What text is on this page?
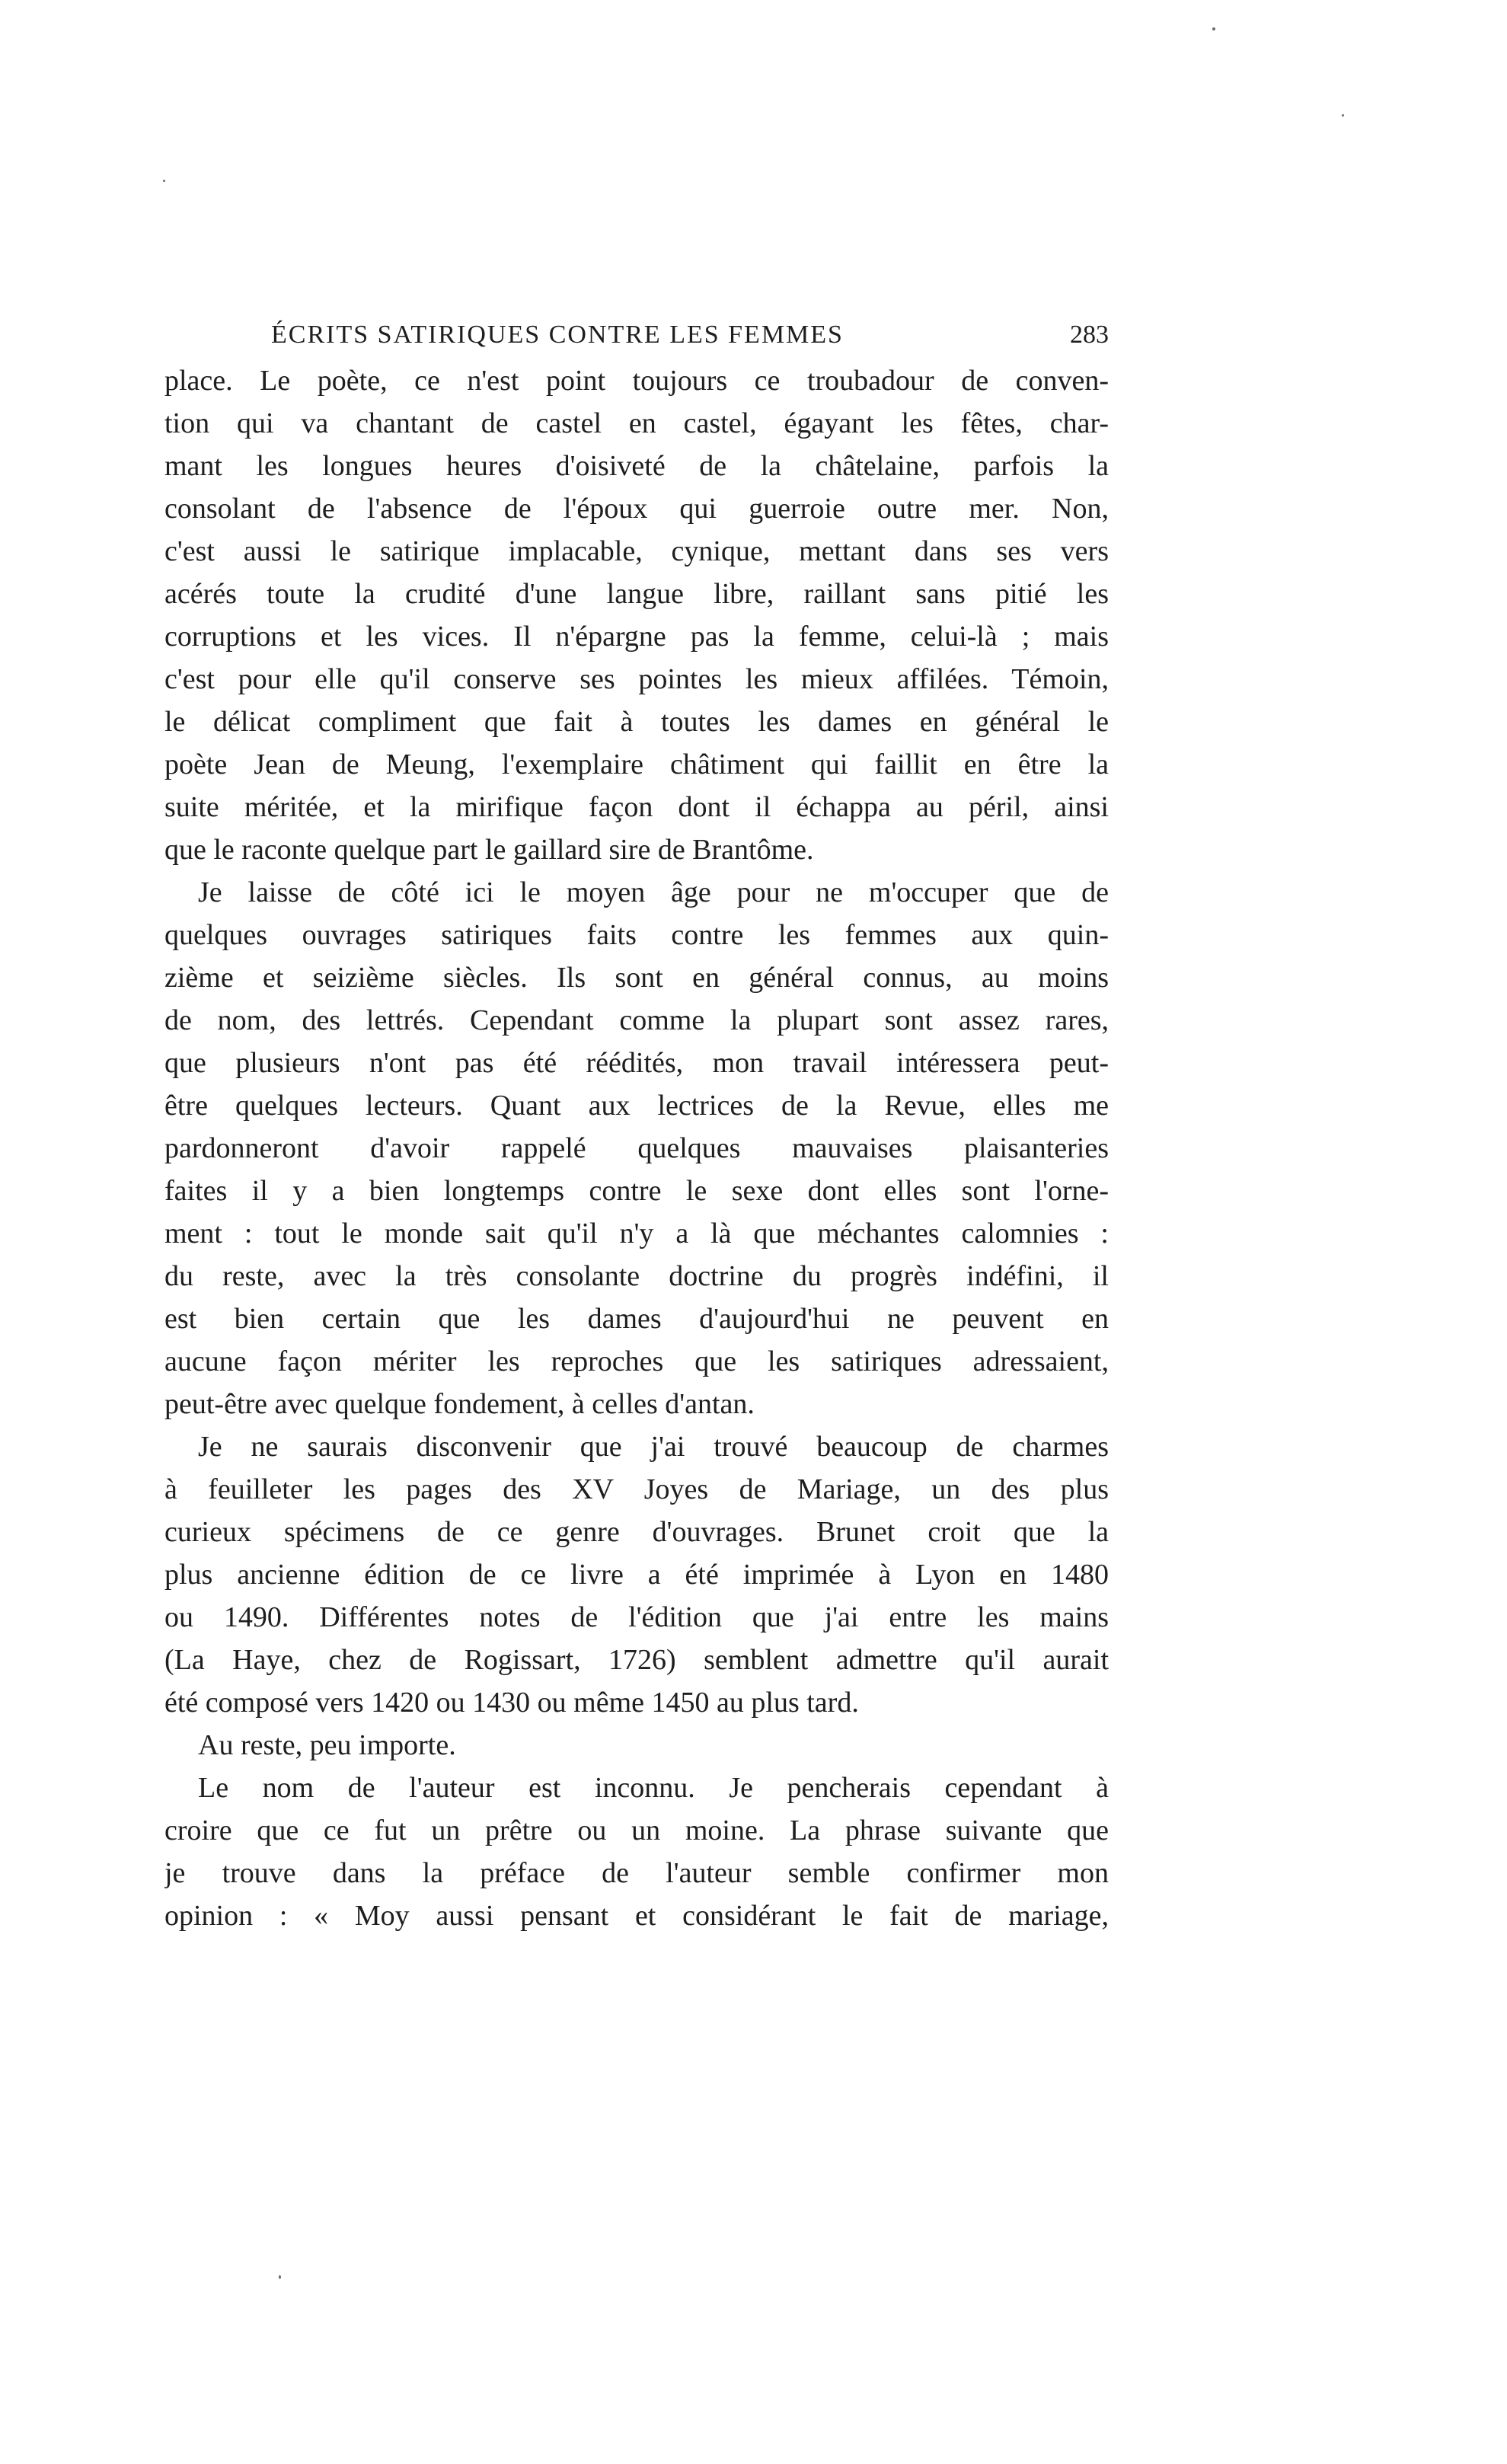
ÉCRITS SATIRIQUES CONTRE LES FEMMES	283
place. Le poète, ce n'est point toujours ce troubadour de conven-
tion qui va chantant de castel en castel, égayant les fêtes, char-
mant les longues heures d'oisiveté de la châtelaine, parfois la
consolant de l'absence de l'époux qui guerroie outre mer. Non,
c'est aussi le satirique implacable, cynique, mettant dans ses vers
acérés toute la crudité d'une langue libre, raillant sans pitié les
corruptions et les vices. Il n'épargne pas la femme, celui-là ; mais
c'est pour elle qu'il conserve ses pointes les mieux affilées. Témoin,
le délicat compliment que fait à toutes les dames en général le
poète Jean de Meung, l'exemplaire châtiment qui faillit en être la
suite méritée, et la mirifique façon dont il échappa au péril, ainsi
que le raconte quelque part le gaillard sire de Brantôme.
Je laisse de côté ici le moyen âge pour ne m'occuper que de
quelques ouvrages satiriques faits contre les femmes aux quin-
zième et seizième siècles. Ils sont en général connus, au moins
de nom, des lettrés. Cependant comme la plupart sont assez rares,
que plusieurs n'ont pas été réédités, mon travail intéressera peut-
être quelques lecteurs. Quant aux lectrices de la Revue, elles me
pardonneront d'avoir rappelé quelques mauvaises plaisanteries
faites il y a bien longtemps contre le sexe dont elles sont l'orne-
ment : tout le monde sait qu'il n'y a là que méchantes calomnies :
du reste, avec la très consolante doctrine du progrès indéfini, il
est bien certain que les dames d'aujourd'hui ne peuvent en
aucune façon mériter les reproches que les satiriques adressaient,
peut-être avec quelque fondement, à celles d'antan.
Je ne saurais disconvenir que j'ai trouvé beaucoup de charmes
à feuilleter les pages des XV Joyes de Mariage, un des plus
curieux spécimens de ce genre d'ouvrages. Brunet croit que la
plus ancienne édition de ce livre a été imprimée à Lyon en 1480
ou 1490. Différentes notes de l'édition que j'ai entre les mains
(La Haye, chez de Rogissart, 1726) semblent admettre qu'il aurait
été composé vers 1420 ou 1430 ou même 1450 au plus tard.
Au reste, peu importe.
Le nom de l'auteur est inconnu. Je pencherais cependant à
croire que ce fut un prêtre ou un moine. La phrase suivante que
je trouve dans la préface de l'auteur semble confirmer mon
opinion : « Moy aussi pensant et considérant le fait de mariage,
